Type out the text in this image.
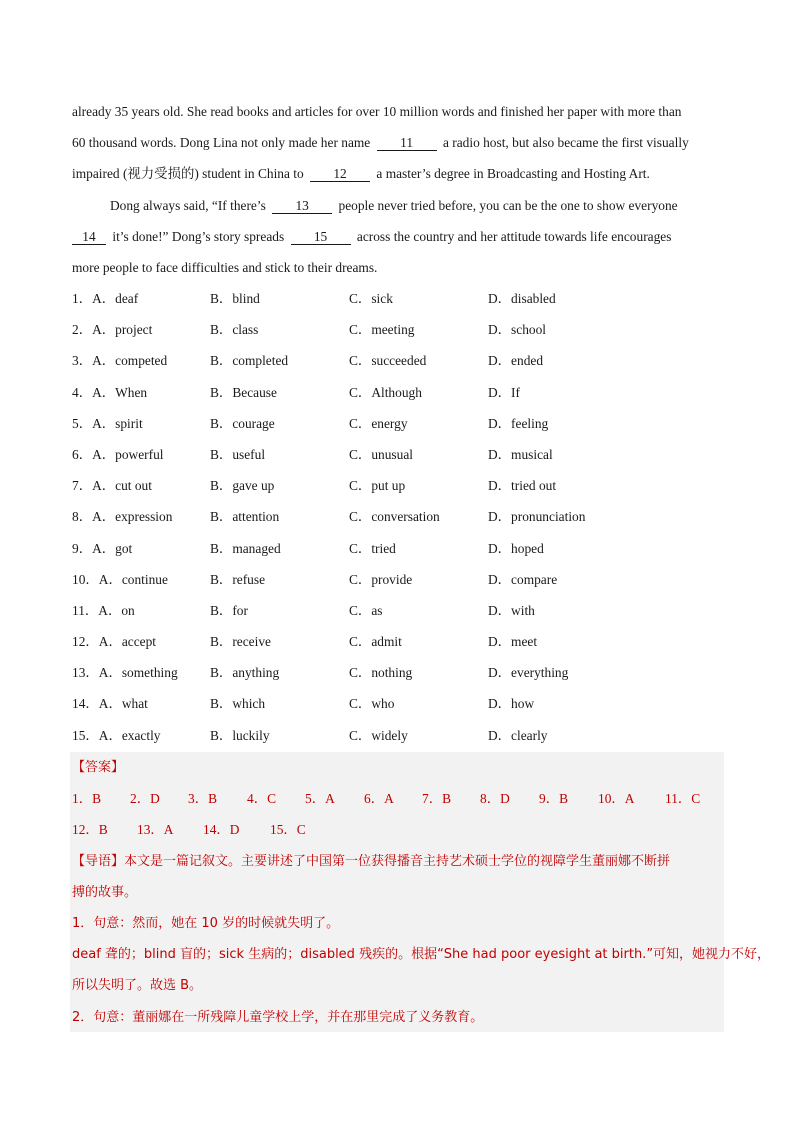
already 35 years old. She read books and articles for over 10 million words and finished her paper with more than
60 thousand words. Dong Lina not only made her name 11 a radio host, but also became the first visually
impaired (视力受损的) student in China to 12 a master’s degree in Broadcasting and Hosting Art.
Dong always said, “If there’s 13 people never tried before, you can be the one to show everyone
14 it’s done!” Dong’s story spreads 15 across the country and her attitude towards life encourages
more people to face difficulties and stick to their dreams.
1．A．deaf	B．blind	C．sick	D．disabled
2．A．project	B．class	C．meeting	D．school
3．A．competed	B．completed	C．succeeded	D．ended
4．A．When	B．Because	C．Although	D．If
5．A．spirit	B．courage	C．energy	D．feeling
6．A．powerful	B．useful	C．unusual	D．musical
7．A．cut out	B．gave up	C．put up	D．tried out
8．A．expression	B．attention	C．conversation	D．pronunciation
9．A．got	B．managed	C．tried	D．hoped
10．A．continue	B．refuse	C．provide	D．compare
11．A．on	B．for	C．as	D．with
12．A．accept	B．receive	C．admit	D．meet
13．A．something B．anything	C．nothing	D．everything
14．A．what	B．which	C．who	D．how
15．A．exactly	B．luckily	C．widely	D．clearly
【答案】
1．B 2．D 3．B 4．C 5．A 6．A 7．B 8．D 9．B 10．A 11．C
12．B 13．A 14．D 15．C
【导语】本文是一篇记叙文。主要讲述了中国第一位获得播音主持艺术硕士学位的视障学生董丽娜不断拼
搏的故事。
1．句意：然而，她在 10 岁的时候就失明了。
deaf 聋的；blind 盲的；sick 生病的；disabled 残疾的。根据“She had poor eyesight at birth.”可知，她视力不好，
所以失明了。故选 B。
2．句意：董丽娜在一所残障儿童学校上学，并在那里完成了义务教育。
